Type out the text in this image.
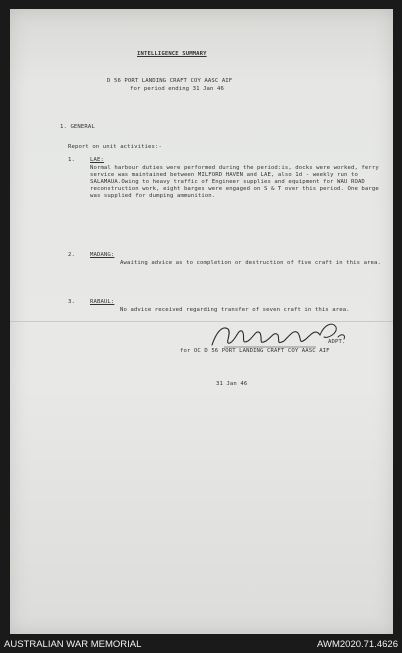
INTELLIGENCE SUMMARY
D 56 PORT LANDING CRAFT COY AASC AIF
for period ending 31 Jan 46
1. GENERAL
Report on unit activities:-
1.	LAE:
Normal harbour duties were performed during the period:is, docks were worked, ferry service was maintained between MILFORD HAVEN and LAE, also 1d - weekly run to SALAMAUA.Owing to heavy traffic of Engineer supplies and equipment for WAU ROAD reconstruction work, eight barges were engaged on S & T over this period. One barge was supplied for dumping ammunition.
2.	MADANG:
Awaiting advice as to completion or destruction of five craft in this area.
3.	RABAUL:
No advice received regarding transfer of seven craft in this area.
ADPT.
for OC D 56 PORT LANDING CRAFT COY AASC AIF
31 Jan 46
AUSTRALIAN WAR MEMORIAL	AWM2020.71.4626
